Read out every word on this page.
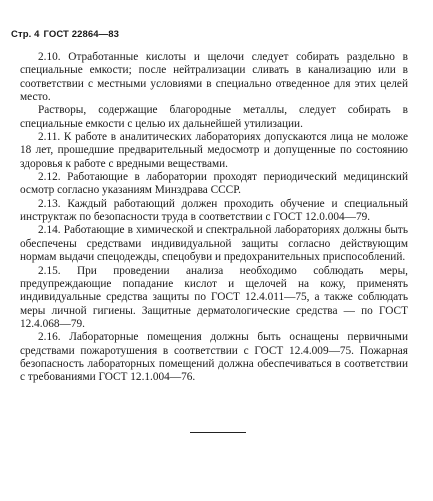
Стр. 4 ГОСТ 22864—83

2.10. Отработанные кислоты и щелочи следует собирать раздельно в специальные емкости; после нейтрализации сливать в канализацию или в соответствии с местными условиями в специально отведенное для этих целей место.

Растворы, содержащие благородные металлы, следует собирать в специальные емкости с целью их дальнейшей утилизации.

2.11. К работе в аналитических лабораториях допускаются лица не моложе 18 лет, прошедшие предварительный медосмотр и допущенные по состоянию здоровья к работе с вредными веществами.

2.12. Работающие в лаборатории проходят периодический медицинский осмотр согласно указаниям Минздрава СССР.

2.13. Каждый работающий должен проходить обучение и специальный инструктаж по безопасности труда в соответствии с ГОСТ 12.0.004—79.

2.14. Работающие в химической и спектральной лабораториях должны быть обеспечены средствами индивидуальной защиты согласно действующим нормам выдачи спецодежды, спецобуви и предохранительных приспособлений.

2.15. При проведении анализа необходимо соблюдать меры, предупреждающие попадание кислот и щелочей на кожу, применять индивидуальные средства защиты по ГОСТ 12.4.011—75, а также соблюдать меры личной гигиены. Защитные дерматологические средства — по ГОСТ 12.4.068—79.

2.16. Лабораторные помещения должны быть оснащены первичными средствами пожаротушения в соответствии с ГОСТ 12.4.009—75. Пожарная безопасность лабораторных помещений должна обеспечиваться в соответствии с требованиями ГОСТ 12.1.004—76.
